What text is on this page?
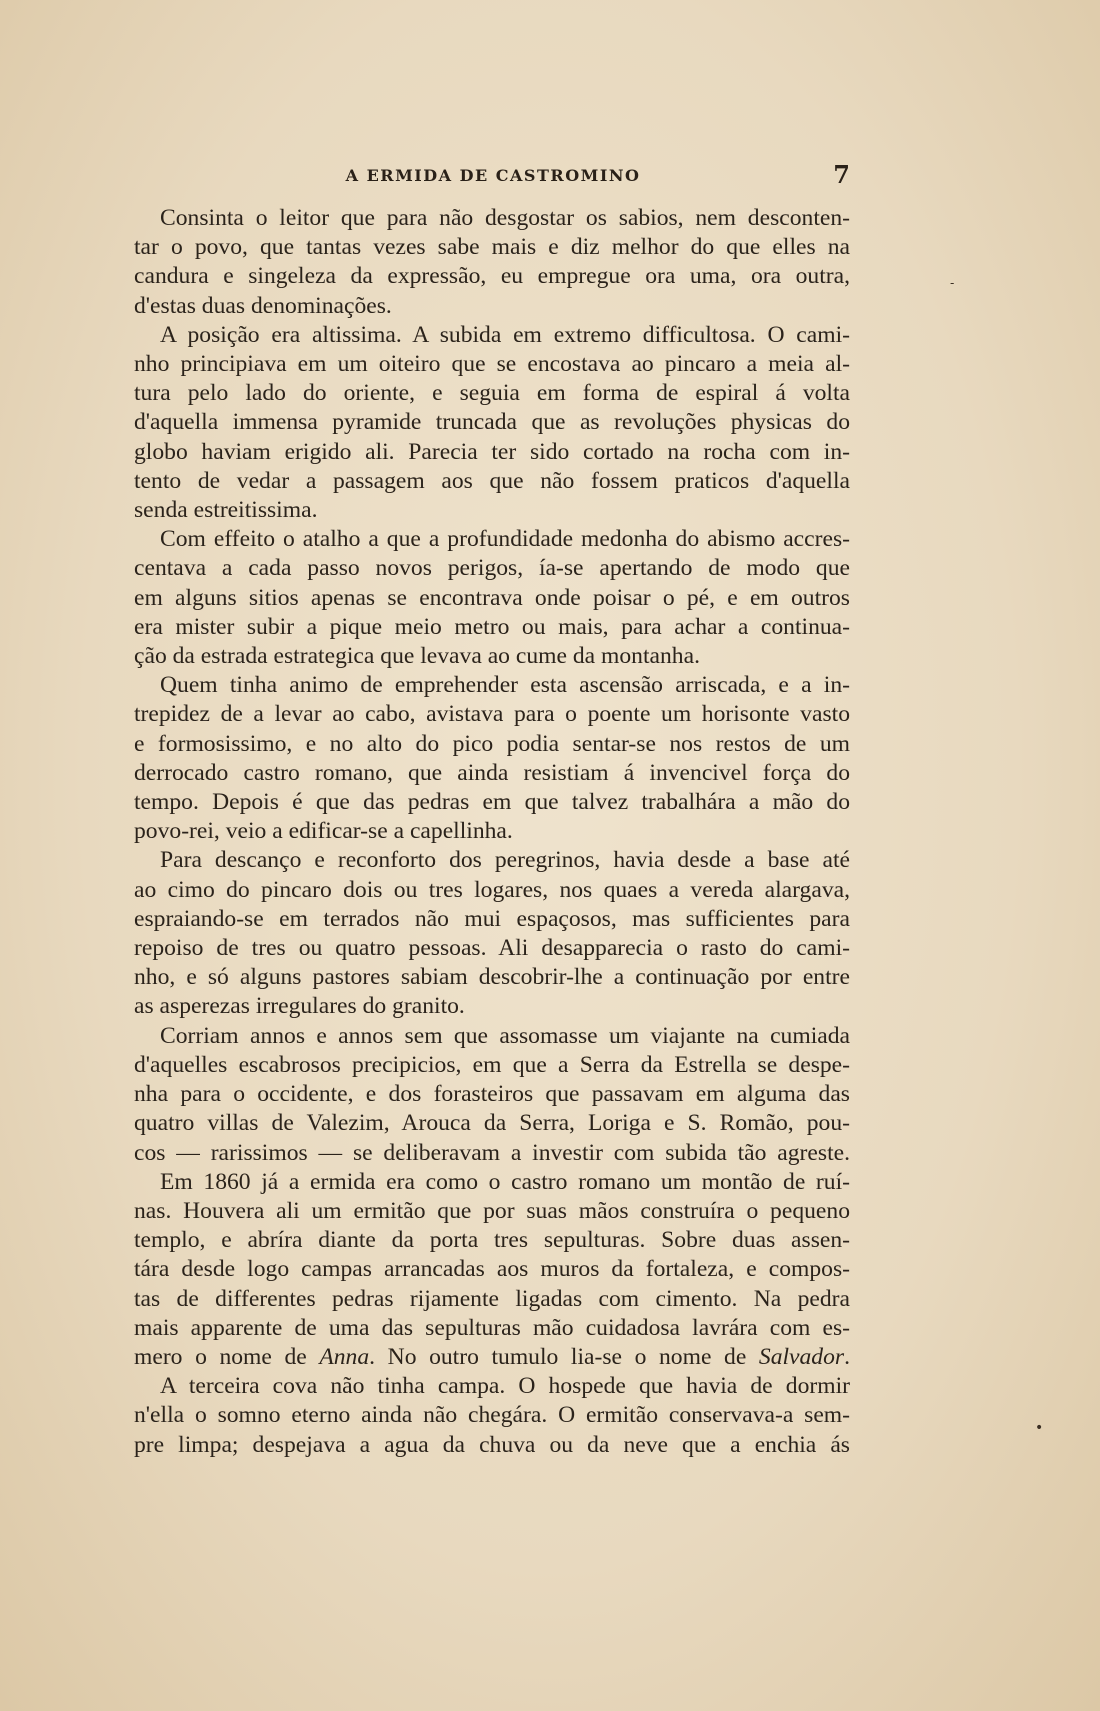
A ERMIDA DE CASTROMINO	7

Consinta o leitor que para não desgostar os sabios, nem desconten-
tar o povo, que tantas vezes sabe mais e diz melhor do que elles na
candura e singeleza da expressão, eu empregue ora uma, ora outra,
d'estas duas denominações.

A posição era altissima. A subida em extremo difficultosa. O cami-
nho principiava em um oiteiro que se encostava ao pincaro a meia al-
tura pelo lado do oriente, e seguia em forma de espiral á volta
d'aquella immensa pyramide truncada que as revoluções physicas do
globo haviam erigido ali. Parecia ter sido cortado na rocha com in-
tento de vedar a passagem aos que não fossem praticos d'aquella
senda estreitissima.

Com effeito o atalho a que a profundidade medonha do abismo accres-
centava a cada passo novos perigos, ía-se apertando de modo que
em alguns sitios apenas se encontrava onde poisar o pé, e em outros
era mister subir a pique meio metro ou mais, para achar a continua-
ção da estrada estrategica que levava ao cume da montanha.

Quem tinha animo de emprehender esta ascensão arriscada, e a in-
trepidez de a levar ao cabo, avistava para o poente um horisonte vasto
e formosissimo, e no alto do pico podia sentar-se nos restos de um
derrocado castro romano, que ainda resistiam á invencivel força do
tempo. Depois é que das pedras em que talvez trabalhára a mão do
povo-rei, veio a edificar-se a capellinha.

Para descanço e reconforto dos peregrinos, havia desde a base até
ao cimo do pincaro dois ou tres logares, nos quaes a vereda alargava,
espraiando-se em terrados não mui espaçosos, mas sufficientes para
repoiso de tres ou quatro pessoas. Ali desapparecia o rasto do cami-
nho, e só alguns pastores sabiam descobrir-lhe a continuação por entre
as asperezas irregulares do granito.

Corriam annos e annos sem que assomasse um viajante na cumiada
d'aquelles escabrosos precipicios, em que a Serra da Estrella se despe-
nha para o occidente, e dos forasteiros que passavam em alguma das
quatro villas de Valezim, Arouca da Serra, Loriga e S. Romão, pou-
cos — rarissimos — se deliberavam a investir com subida tão agreste.

Em 1860 já a ermida era como o castro romano um montão de ruí-
nas. Houvera ali um ermitão que por suas mãos construíra o pequeno
templo, e abríra diante da porta tres sepulturas. Sobre duas assen-
tára desde logo campas arrancadas aos muros da fortaleza, e compos-
tas de differentes pedras rijamente ligadas com cimento. Na pedra
mais apparente de uma das sepulturas mão cuidadosa lavrára com es-
mero o nome de Anna. No outro tumulo lia-se o nome de Salvador.

A terceira cova não tinha campa. O hospede que havia de dormir
n'ella o somno eterno ainda não chegára. O ermitão conservava-a sem-
pre limpa; despejava a agua da chuva ou da neve que a enchia ás

•
-
